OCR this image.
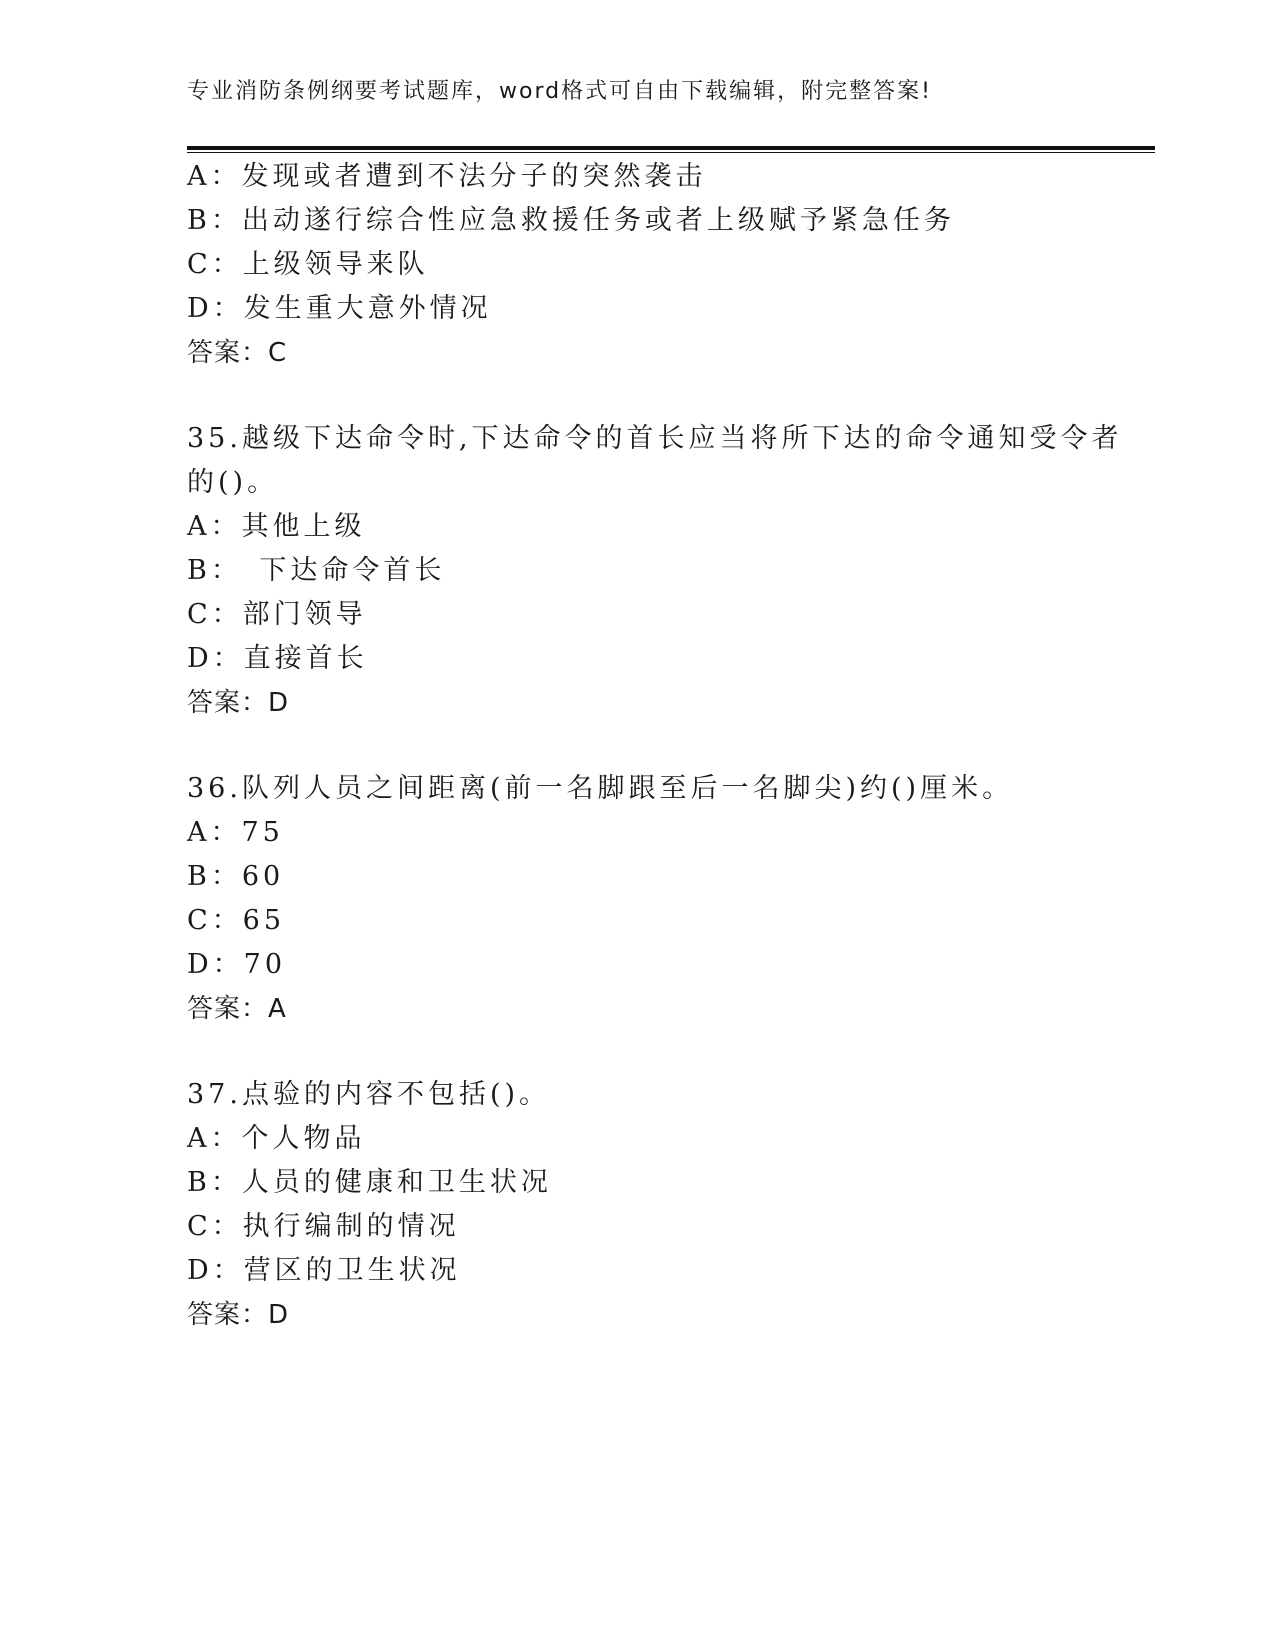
专业消防条例纲要考试题库，word格式可自由下载编辑，附完整答案!
A：发现或者遭到不法分子的突然袭击
B：出动遂行综合性应急救援任务或者上级赋予紧急任务
C：上级领导来队
D：发生重大意外情况
答案：C
35.越级下达命令时,下达命令的首长应当将所下达的命令通知受令者
的()。
A：其他上级
B：　下达命令首长
C：部门领导
D：直接首长
答案：D
36.队列人员之间距离(前一名脚跟至后一名脚尖)约()厘米。
A：75
B：60
C：65
D：70
答案：A
37.点验的内容不包括()。
A：个人物品
B：人员的健康和卫生状况
C：执行编制的情况
D：营区的卫生状况
答案：D
